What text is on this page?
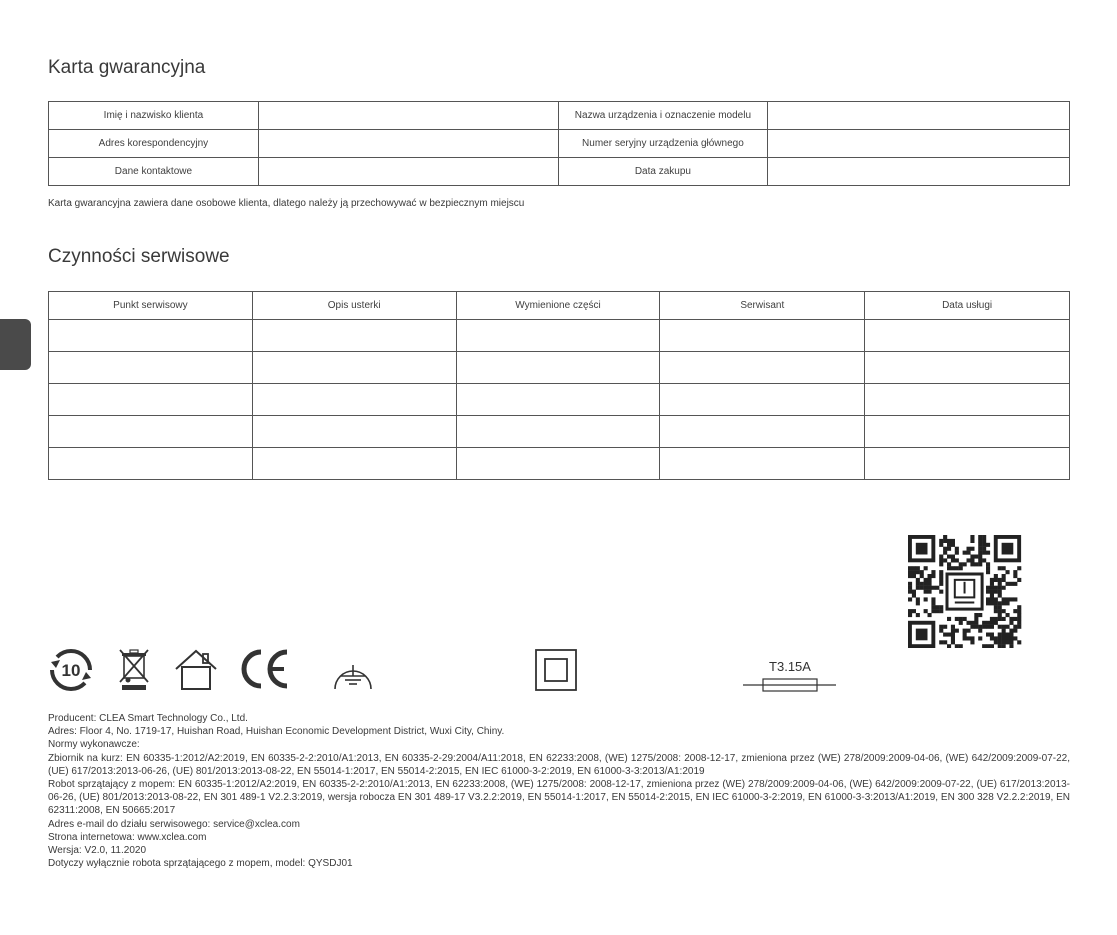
Karta gwarancyjna
Imię i nazwisko klienta		Nazwa urządzenia i oznaczenie modelu	
Adres korespondencyjny		Numer seryjny urządzenia głównego	
Dane kontaktowe		Data zakupu	
Karta gwarancyjna zawiera dane osobowe klienta, dlatego należy ją przechowywać w bezpiecznym miejscu
Czynności serwisowe
Punkt serwisowy	Opis usterki	Wymienione części	Serwisant	Data usługi

10	T3.15A

Producent: CLEA Smart Technology Co., Ltd.

Adres: Floor 4, No. 1719-17, Huishan Road, Huishan Economic Development District, Wuxi City, Chiny.

Normy wykonawcze:

Zbiornik na kurz: EN 60335-1:2012/A2:2019, EN 60335-2-2:2010/A1:2013, EN 60335-2-29:2004/A11:2018, EN 62233:2008, (WE) 1275/2008: 2008-12-17, zmieniona przez (WE) 278/2009:2009-04-06, (WE) 642/2009:2009-07-22, (UE) 617/2013:2013-06-26, (UE) 801/2013:2013-08-22, EN 55014-1:2017, EN 55014-2:2015, EN IEC 61000-3-2:2019, EN 61000-3-3:2013/A1:2019

Robot sprzątający z mopem: EN 60335-1:2012/A2:2019, EN 60335-2-2:2010/A1:2013, EN 62233:2008, (WE) 1275/2008: 2008-12-17, zmieniona przez (WE) 278/2009:2009-04-06, (WE) 642/2009:2009-07-22, (UE) 617/2013:2013-06-26, (UE) 801/2013:2013-08-22, EN 301 489-1 V2.2.3:2019, wersja robocza EN 301 489-17 V3.2.2:2019, EN 55014-1:2017, EN 55014-2:2015, EN IEC 61000-3-2:2019, EN 61000-3-3:2013/A1:2019, EN 300 328 V2.2.2:2019, EN 62311:2008, EN 50665:2017

Adres e-mail do działu serwisowego: service@xclea.com

Strona internetowa: www.xclea.com

Wersja: V2.0, 11.2020

Dotyczy wyłącznie robota sprzątającego z mopem, model: QYSDJ01
